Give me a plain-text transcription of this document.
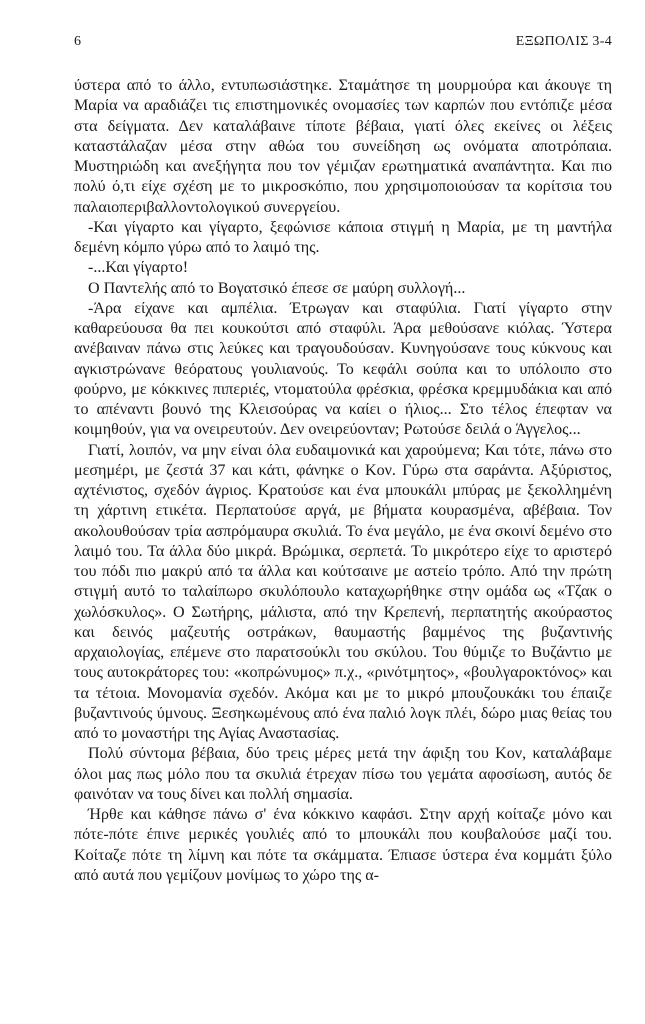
6	ΕΞΩΠΟΛΙΣ 3-4

ύστερα από το άλλο, εντυπωσιάστηκε. Σταμάτησε τη μουρμούρα και άκουγε τη Μαρία να αραδιάζει τις επιστημονικές ονομασίες των καρπών που εντόπιζε μέσα στα δείγματα. Δεν καταλάβαινε τίποτε βέβαια, γιατί όλες εκείνες οι λέξεις καταστάλαζαν μέσα στην αθώα του συνείδηση ως ονόματα αποτρόπαια. Μυστηριώδη και ανεξήγητα που τον γέμιζαν ερωτηματικά αναπάντητα. Και πιο πολύ ό,τι είχε σχέση με το μικροσκόπιο, που χρησιμοποιούσαν τα κορίτσια του παλαιοπεριβαλλοντολογικού συνεργείου.

-Και γίγαρτο και γίγαρτο, ξεφώνισε κάποια στιγμή η Μαρία, με τη μαντήλα δεμένη κόμπο γύρω από το λαιμό της.

-...Και γίγαρτο!

Ο Παντελής από το Βογατσικό έπεσε σε μαύρη συλλογή...

-Άρα είχανε και αμπέλια. Έτρωγαν και σταφύλια. Γιατί γίγαρτο στην καθαρεύουσα θα πει κουκούτσι από σταφύλι. Άρα μεθούσανε κιόλας. Ύστερα ανέβαιναν πάνω στις λεύκες και τραγουδούσαν. Κυνηγούσανε τους κύκνους και αγκιστρώνανε θεόρατους γουλιανούς. Το κεφάλι σούπα και το υπόλοιπο στο φούρνο, με κόκκινες πιπεριές, ντοματούλα φρέσκια, φρέσκα κρεμμυδάκια και από το απέναντι βουνό της Κλεισούρας να καίει ο ήλιος... Στο τέλος έπεφταν να κοιμηθούν, για να ονειρευτούν. Δεν ονειρεύονταν; Ρωτούσε δειλά ο Άγγελος...

Γιατί, λοιπόν, να μην είναι όλα ευδαιμονικά και χαρούμενα; Και τότε, πάνω στο μεσημέρι, με ζεστά 37 και κάτι, φάνηκε ο Κον. Γύρω στα σαράντα. Αξύριστος, αχτένιστος, σχεδόν άγριος. Κρατούσε και ένα μπουκάλι μπύρας με ξεκολλημένη τη χάρτινη ετικέτα. Περπατούσε αργά, με βήματα κουρασμένα, αβέβαια. Τον ακολουθούσαν τρία ασπρόμαυρα σκυλιά. Το ένα μεγάλο, με ένα σκοινί δεμένο στο λαιμό του. Τα άλλα δύο μικρά. Βρώμικα, σερπετά. Το μικρότερο είχε το αριστερό του πόδι πιο μακρύ από τα άλλα και κούτσαινε με αστείο τρόπο. Από την πρώτη στιγμή αυτό το ταλαίπωρο σκυλόπουλο καταχωρήθηκε στην ομάδα ως «Τζακ ο χωλόσκυλος». Ο Σωτήρης, μάλιστα, από την Κρεπενή, περπατητής ακούραστος και δεινός μαζευτής οστράκων, θαυμαστής βαμμένος της βυζαντινής αρχαιολογίας, επέμενε στο παρατσούκλι του σκύλου. Του θύμιζε το Βυζάντιο με τους αυτοκράτορες του: «κοπρώνυμος» π.χ., «ρινότμητος», «βουλγαροκτόνος» και τα τέτοια. Μονομανία σχεδόν. Ακόμα και με το μικρό μπουζουκάκι του έπαιζε βυζαντινούς ύμνους. Ξεσηκωμένους από ένα παλιό λογκ πλέι, δώρο μιας θείας του από το μοναστήρι της Αγίας Αναστασίας.

Πολύ σύντομα βέβαια, δύο τρεις μέρες μετά την άφιξη του Κον, καταλάβαμε όλοι μας πως μόλο που τα σκυλιά έτρεχαν πίσω του γεμάτα αφοσίωση, αυτός δε φαινόταν να τους δίνει και πολλή σημασία.

Ήρθε και κάθησε πάνω σ' ένα κόκκινο καφάσι. Στην αρχή κοίταζε μόνο και πότε-πότε έπινε μερικές γουλιές από το μπουκάλι που κουβαλούσε μαζί του. Κοίταζε πότε τη λίμνη και πότε τα σκάμματα. Έπιασε ύστερα ένα κομμάτι ξύλο από αυτά που γεμίζουν μονίμως το χώρο της α-
